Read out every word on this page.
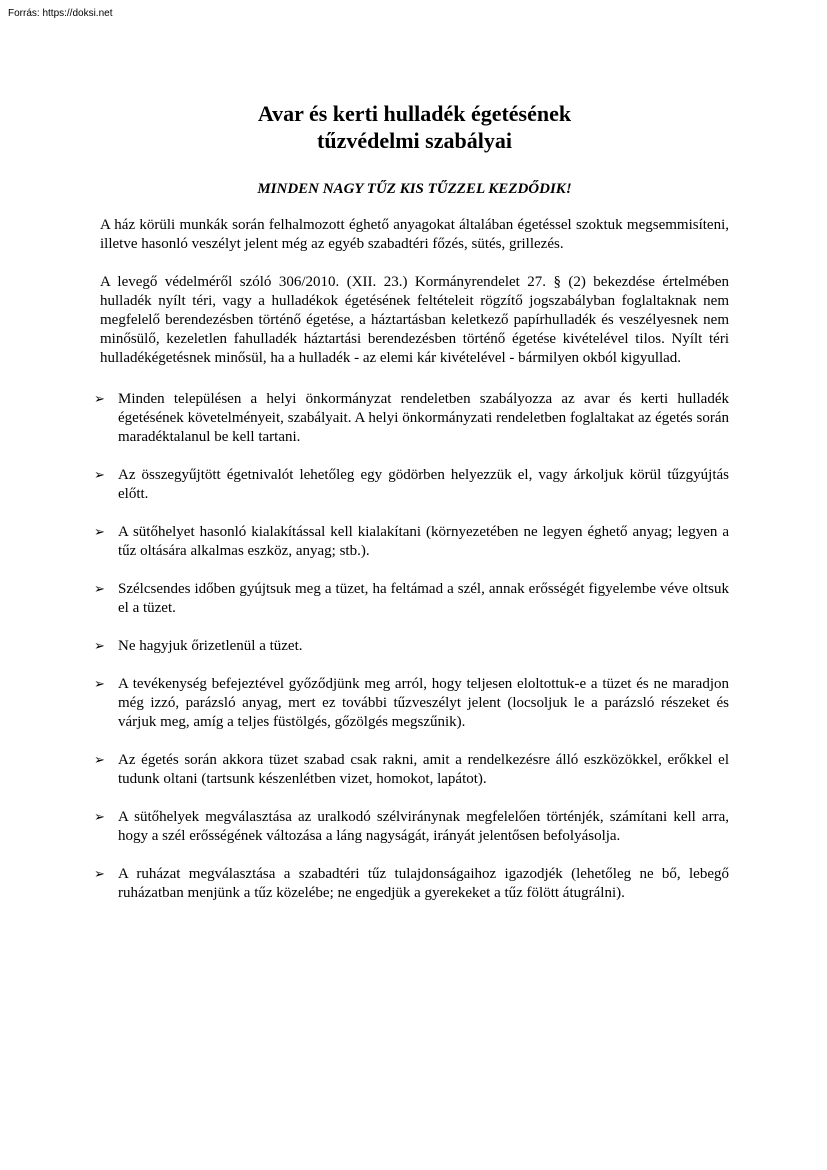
Forrás: https://doksi.net
Avar és kerti hulladék égetésének
tűzvédelmi szabályai

MINDEN NAGY TŰZ KIS TŰZZEL KEZDŐDIK!

A ház körüli munkák során felhalmozott éghető anyagokat általában égetéssel szoktuk megsemmisíteni, illetve hasonló veszélyt jelent még az egyéb szabadtéri főzés, sütés, grillezés.

A levegő védelméről szóló 306/2010. (XII. 23.) Kormányrendelet 27. § (2) bekezdése értelmében hulladék nyílt téri, vagy a hulladékok égetésének feltételeit rögzítő jogszabályban foglaltaknak nem megfelelő berendezésben történő égetése, a háztartásban keletkező papírhulladék és veszélyesnek nem minősülő, kezeletlen fahulladék háztartási berendezésben történő égetése kivételével tilos. Nyílt téri hulladékégetésnek minősül, ha a hulladék - az elemi kár kivételével - bármilyen okból kigyullad.

➢ Minden településen a helyi önkormányzat rendeletben szabályozza az avar és kerti hulladék égetésének követelményeit, szabályait. A helyi önkormányzati rendeletben foglaltakat az égetés során maradéktalanul be kell tartani.
➢ Az összegyűjtött égetnivalót lehetőleg egy gödörben helyezzük el, vagy árkoljuk körül tűzgyújtás előtt.
➢ A sütőhelyet hasonló kialakítással kell kialakítani (környezetében ne legyen éghető anyag; legyen a tűz oltására alkalmas eszköz, anyag; stb.).
➢ Szélcsendes időben gyújtsuk meg a tüzet, ha feltámad a szél, annak erősségét figyelembe véve oltsuk el a tüzet.
➢ Ne hagyjuk őrizetlenül a tüzet.
➢ A tevékenység befejeztével győződjünk meg arról, hogy teljesen eloltottuk-e a tüzet és ne maradjon még izzó, parázsló anyag, mert ez további tűzveszélyt jelent (locsoljuk le a parázsló részeket és várjuk meg, amíg a teljes füstölgés, gőzölgés megszűnik).
➢ Az égetés során akkora tüzet szabad csak rakni, amit a rendelkezésre álló eszközökkel, erőkkel el tudunk oltani (tartsunk készenlétben vizet, homokot, lapátot).
➢ A sütőhelyek megválasztása az uralkodó szélviránynak megfelelően történjék, számítani kell arra, hogy a szél erősségének változása a láng nagyságát, irányát jelentősen befolyásolja.
➢ A ruházat megválasztása a szabadtéri tűz tulajdonságaihoz igazodjék (lehetőleg ne bő, lebegő ruházatban menjünk a tűz közelébe; ne engedjük a gyerekeket a tűz fölött átugrálni).
